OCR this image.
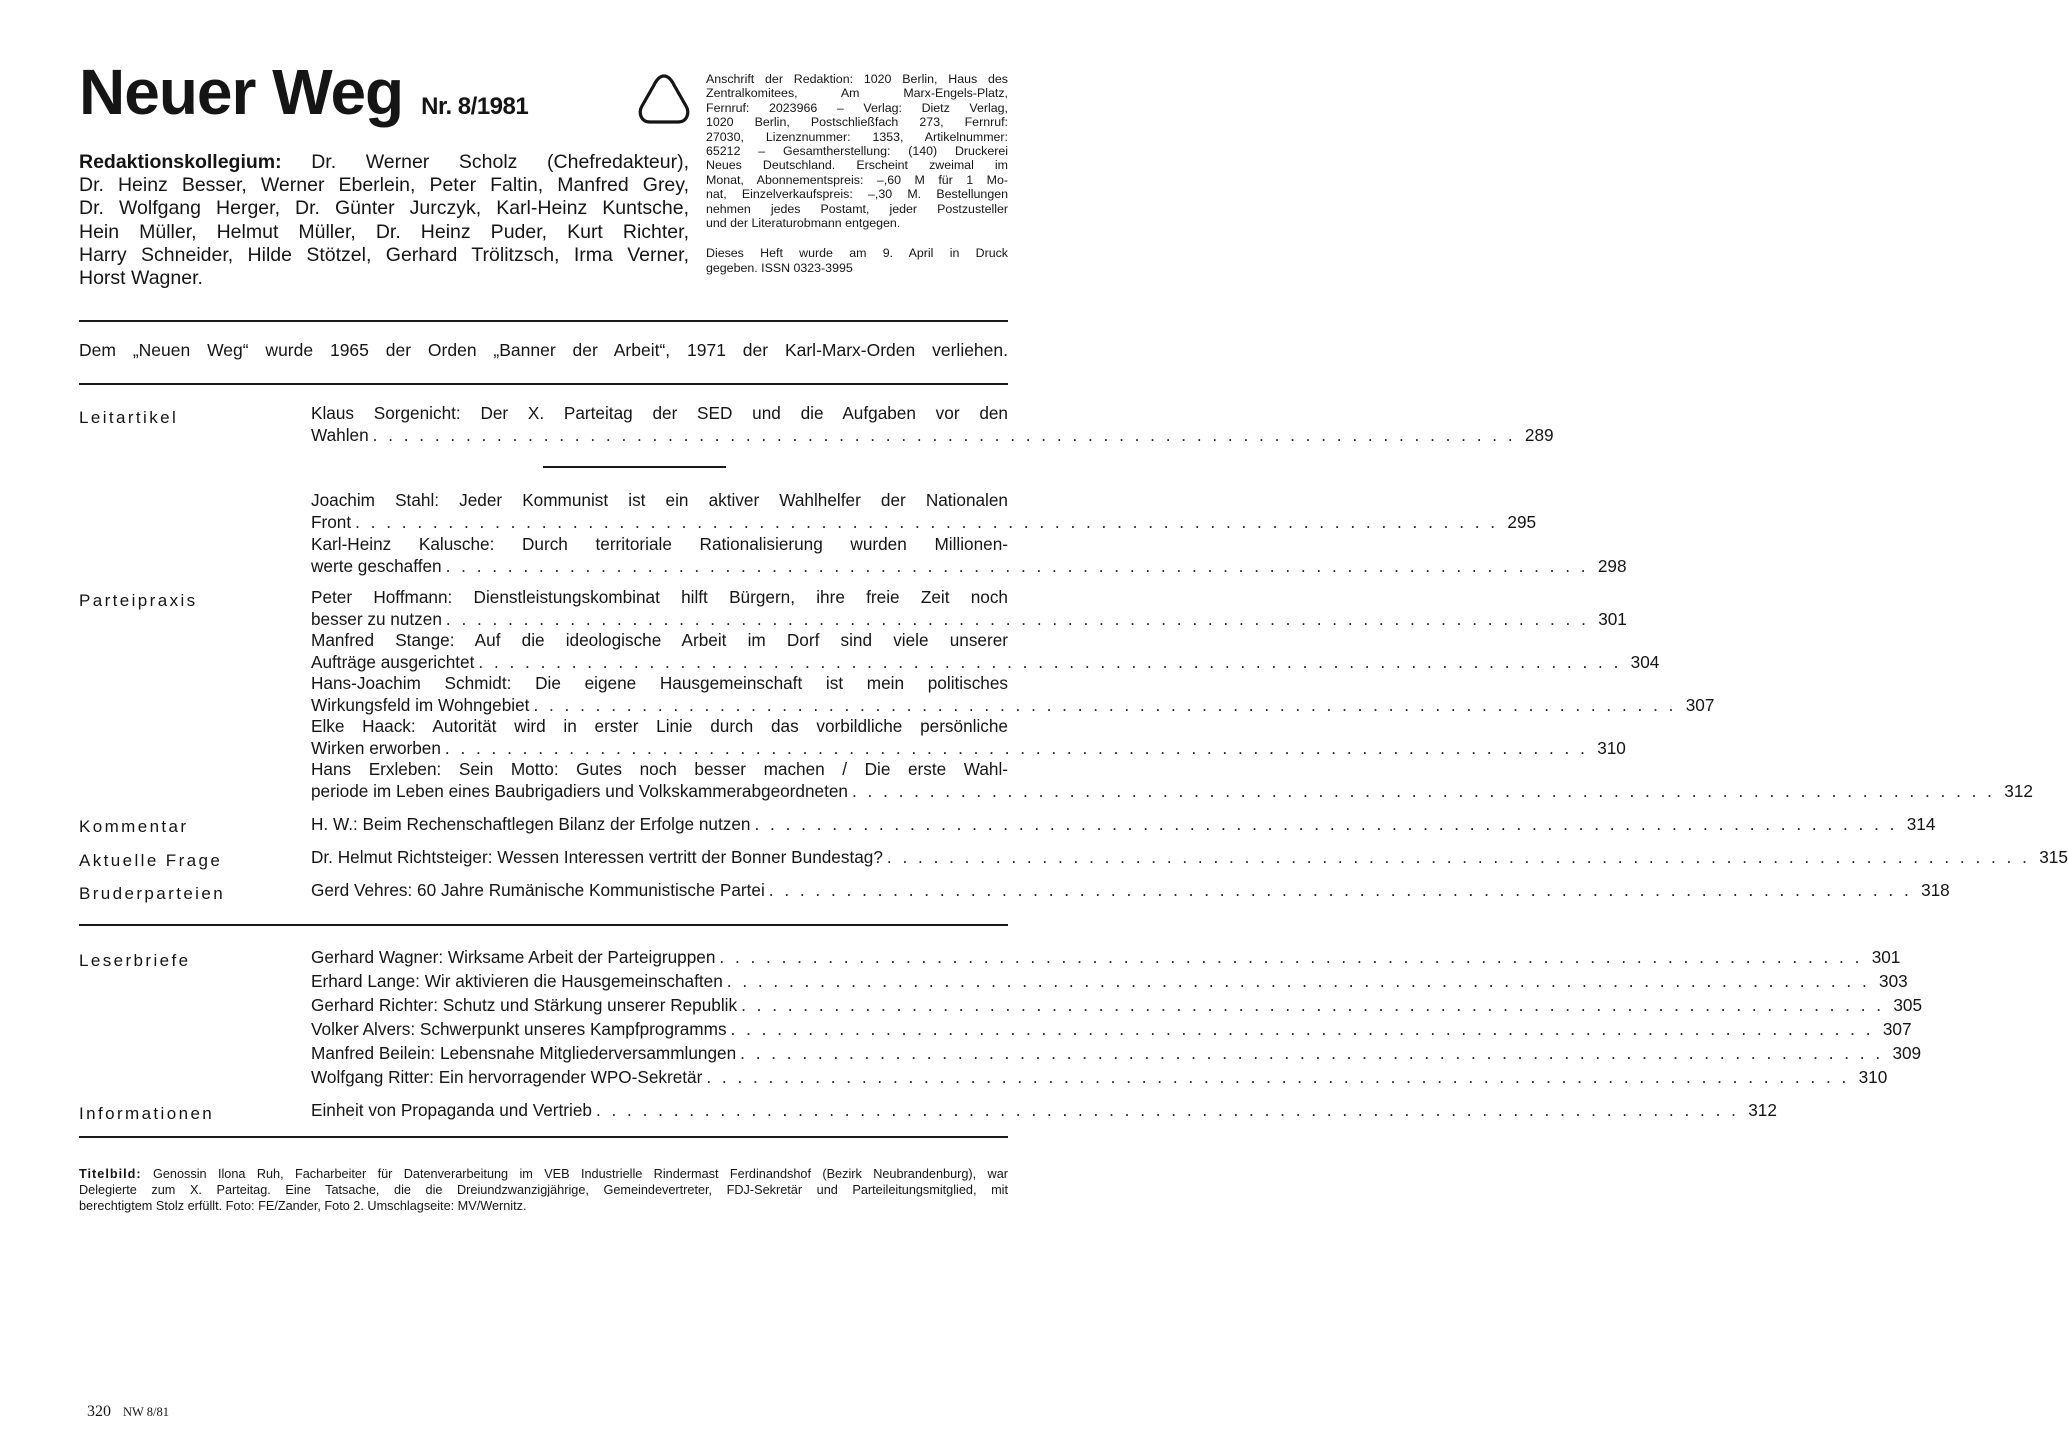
Neuer Weg Nr. 8/1981
Redaktionskollegium: Dr. Werner Scholz (Chefredakteur),
Dr. Heinz Besser, Werner Eberlein, Peter Faltin, Manfred Grey,
Dr. Wolfgang Herger, Dr. Günter Jurczyk, Karl-Heinz Kuntsche,
Hein Müller, Helmut Müller, Dr. Heinz Puder, Kurt Richter,
Harry Schneider, Hilde Stötzel, Gerhard Trölitzsch, Irma Verner,
Horst Wagner.
Anschrift der Redaktion: 1020 Berlin, Haus des
Zentralkomitees, Am Marx-Engels-Platz,
Fernruf: 2023966 – Verlag: Dietz Verlag,
1020 Berlin, Postschließfach 273, Fernruf:
27030, Lizenznummer: 1353, Artikelnummer:
65212 – Gesamtherstellung: (140) Druckerei
Neues Deutschland. Erscheint zweimal im
Monat, Abonnementspreis: –,60 M für 1 Mo-
nat, Einzelverkaufspreis: –,30 M. Bestellungen
nehmen jedes Postamt, jeder Postzusteller
und der Literaturobmann entgegen.
Dieses Heft wurde am 9. April in Druck
gegeben. ISSN 0323-3995
Dem „Neuen Weg“ wurde 1965 der Orden „Banner der Arbeit“, 1971 der Karl-Marx-Orden verliehen.
Leitartikel
Parteipraxis
Kommentar
Aktuelle Frage
Bruderparteien
Leserbriefe
Informationen
Klaus Sorgenicht: Der X. Parteitag der SED und die Aufgaben vor den
Wahlen . . . . . . . . . . . . . . . . . . . . . . . . . . . . . . . . . . . . . . . . . . . . . . . . . . . . . . . . . . . . . . . . . . . . . . . . . . 289
Joachim Stahl: Jeder Kommunist ist ein aktiver Wahlhelfer der Nationalen
Front . . . . . . . . . . . . . . . . . . . . . . . . . . . . . . . . . . . . . . . . . . . . . . . . . . . . . . . . . . . . . . . . . . . . . . . . . . 295
Karl-Heinz Kalusche: Durch territoriale Rationalisierung wurden Millionen-
werte geschaffen . . . . . . . . . . . . . . . . . . . . . . . . . . . . . . . . . . . . . . . . . . . . . . . . . . . . . . . . . . . . . . . . . . . . . . . . . . 298
Peter Hoffmann: Dienstleistungskombinat hilft Bürgern, ihre freie Zeit noch
besser zu nutzen . . . . . . . . . . . . . . . . . . . . . . . . . . . . . . . . . . . . . . . . . . . . . . . . . . . . . . . . . . . . . . . . . . . . . . . . . . 301
Manfred Stange: Auf die ideologische Arbeit im Dorf sind viele unserer
Aufträge ausgerichtet . . . . . . . . . . . . . . . . . . . . . . . . . . . . . . . . . . . . . . . . . . . . . . . . . . . . . . . . . . . . . . . . . . . . . . . . . . 304
Hans-Joachim Schmidt: Die eigene Hausgemeinschaft ist mein politisches
Wirkungsfeld im Wohngebiet . . . . . . . . . . . . . . . . . . . . . . . . . . . . . . . . . . . . . . . . . . . . . . . . . . . . . . . . . . . . . . . . . . . . . . . . . . 307
Elke Haack: Autorität wird in erster Linie durch das vorbildliche persönliche
Wirken erworben . . . . . . . . . . . . . . . . . . . . . . . . . . . . . . . . . . . . . . . . . . . . . . . . . . . . . . . . . . . . . . . . . . . . . . . . . . 310
Hans Erxleben: Sein Motto: Gutes noch besser machen / Die erste Wahl-
periode im Leben eines Baubrigadiers und Volkskammerabgeordneten . . . . . . . . . . . . . . . . . . . . . . . . . . . . . . . . . . . . . . . . . . . . . . . . . . . . . . . . . . . . . . . . . . . . . . . . . . 312
H. W.: Beim Rechenschaftlegen Bilanz der Erfolge nutzen . . . . . . . . . . . . . . . . . . . . . . . . . . . . . . . . . . . . . . . . . . . . . . . . . . . . . . . . . . . . . . . . . . . . . . . . . . 314
Dr. Helmut Richtsteiger: Wessen Interessen vertritt der Bonner Bundestag? . . . . . . . . . . . . . . . . . . . . . . . . . . . . . . . . . . . . . . . . . . . . . . . . . . . . . . . . . . . . . . . . . . . . . . . . . . 315
Gerd Vehres: 60 Jahre Rumänische Kommunistische Partei . . . . . . . . . . . . . . . . . . . . . . . . . . . . . . . . . . . . . . . . . . . . . . . . . . . . . . . . . . . . . . . . . . . . . . . . . . 318
Gerhard Wagner: Wirksame Arbeit der Parteigruppen . . . . . . . . . . . . . . . . . . . . . . . . . . . . . . . . . . . . . . . . . . . . . . . . . . . . . . . . . . . . . . . . . . . . . . . . . . 301
Erhard Lange: Wir aktivieren die Hausgemeinschaften . . . . . . . . . . . . . . . . . . . . . . . . . . . . . . . . . . . . . . . . . . . . . . . . . . . . . . . . . . . . . . . . . . . . . . . . . . 303
Gerhard Richter: Schutz und Stärkung unserer Republik . . . . . . . . . . . . . . . . . . . . . . . . . . . . . . . . . . . . . . . . . . . . . . . . . . . . . . . . . . . . . . . . . . . . . . . . . . 305
Volker Alvers: Schwerpunkt unseres Kampfprogramms . . . . . . . . . . . . . . . . . . . . . . . . . . . . . . . . . . . . . . . . . . . . . . . . . . . . . . . . . . . . . . . . . . . . . . . . . . 307
Manfred Beilein: Lebensnahe Mitgliederversammlungen . . . . . . . . . . . . . . . . . . . . . . . . . . . . . . . . . . . . . . . . . . . . . . . . . . . . . . . . . . . . . . . . . . . . . . . . . . 309
Wolfgang Ritter: Ein hervorragender WPO-Sekretär . . . . . . . . . . . . . . . . . . . . . . . . . . . . . . . . . . . . . . . . . . . . . . . . . . . . . . . . . . . . . . . . . . . . . . . . . . 310
Einheit von Propaganda und Vertrieb . . . . . . . . . . . . . . . . . . . . . . . . . . . . . . . . . . . . . . . . . . . . . . . . . . . . . . . . . . . . . . . . . . . . . . . . . . 312
Titelbild: Genossin Ilona Ruh, Facharbeiter für Datenverarbeitung im VEB Industrielle Rindermast Ferdinandshof (Bezirk Neubrandenburg), war
Delegierte zum X. Parteitag. Eine Tatsache, die die Dreiundzwanzigjährige, Gemeindevertreter, FDJ-Sekretär und Parteileitungsmitglied, mit
berechtigtem Stolz erfüllt. Foto: FE/Zander, Foto 2. Umschlagseite: MV/Wernitz.
320 NW 8/81
